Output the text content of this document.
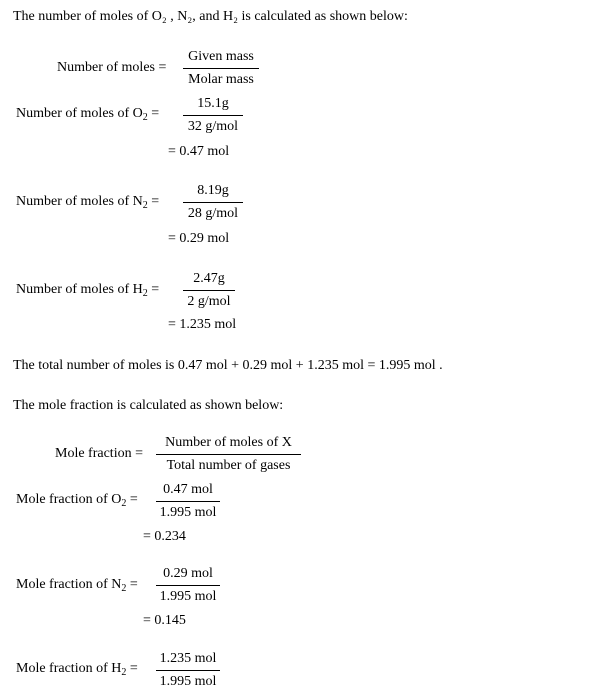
The number of moles of O₂ , N₂, and H₂ is calculated as shown below:
Number of moles =
Given mass
Molar mass
Number of moles of $O_2$ =
15.1g
32 g/mol
= 0.47 mol
Number of moles of $N_2$ =
8.19g
28 g/mol
= 0.29 mol
Number of moles of $H_2$ =
2.47g
2 g/mol
= 1.235 mol
The total number of moles is 0.47 mol + 0.29 mol + 1.235 mol = 1.995 mol .
The mole fraction is calculated as shown below:
Mole fraction =
Number of moles of X
Total number of gases
Mole fraction of $O_2$ =
0.47 mol
1.995 mol
= 0.234
Mole fraction of $N_2$ =
0.29 mol
1.995 mol
= 0.145
Mole fraction of $H_2$ =
1.235 mol
1.995 mol
